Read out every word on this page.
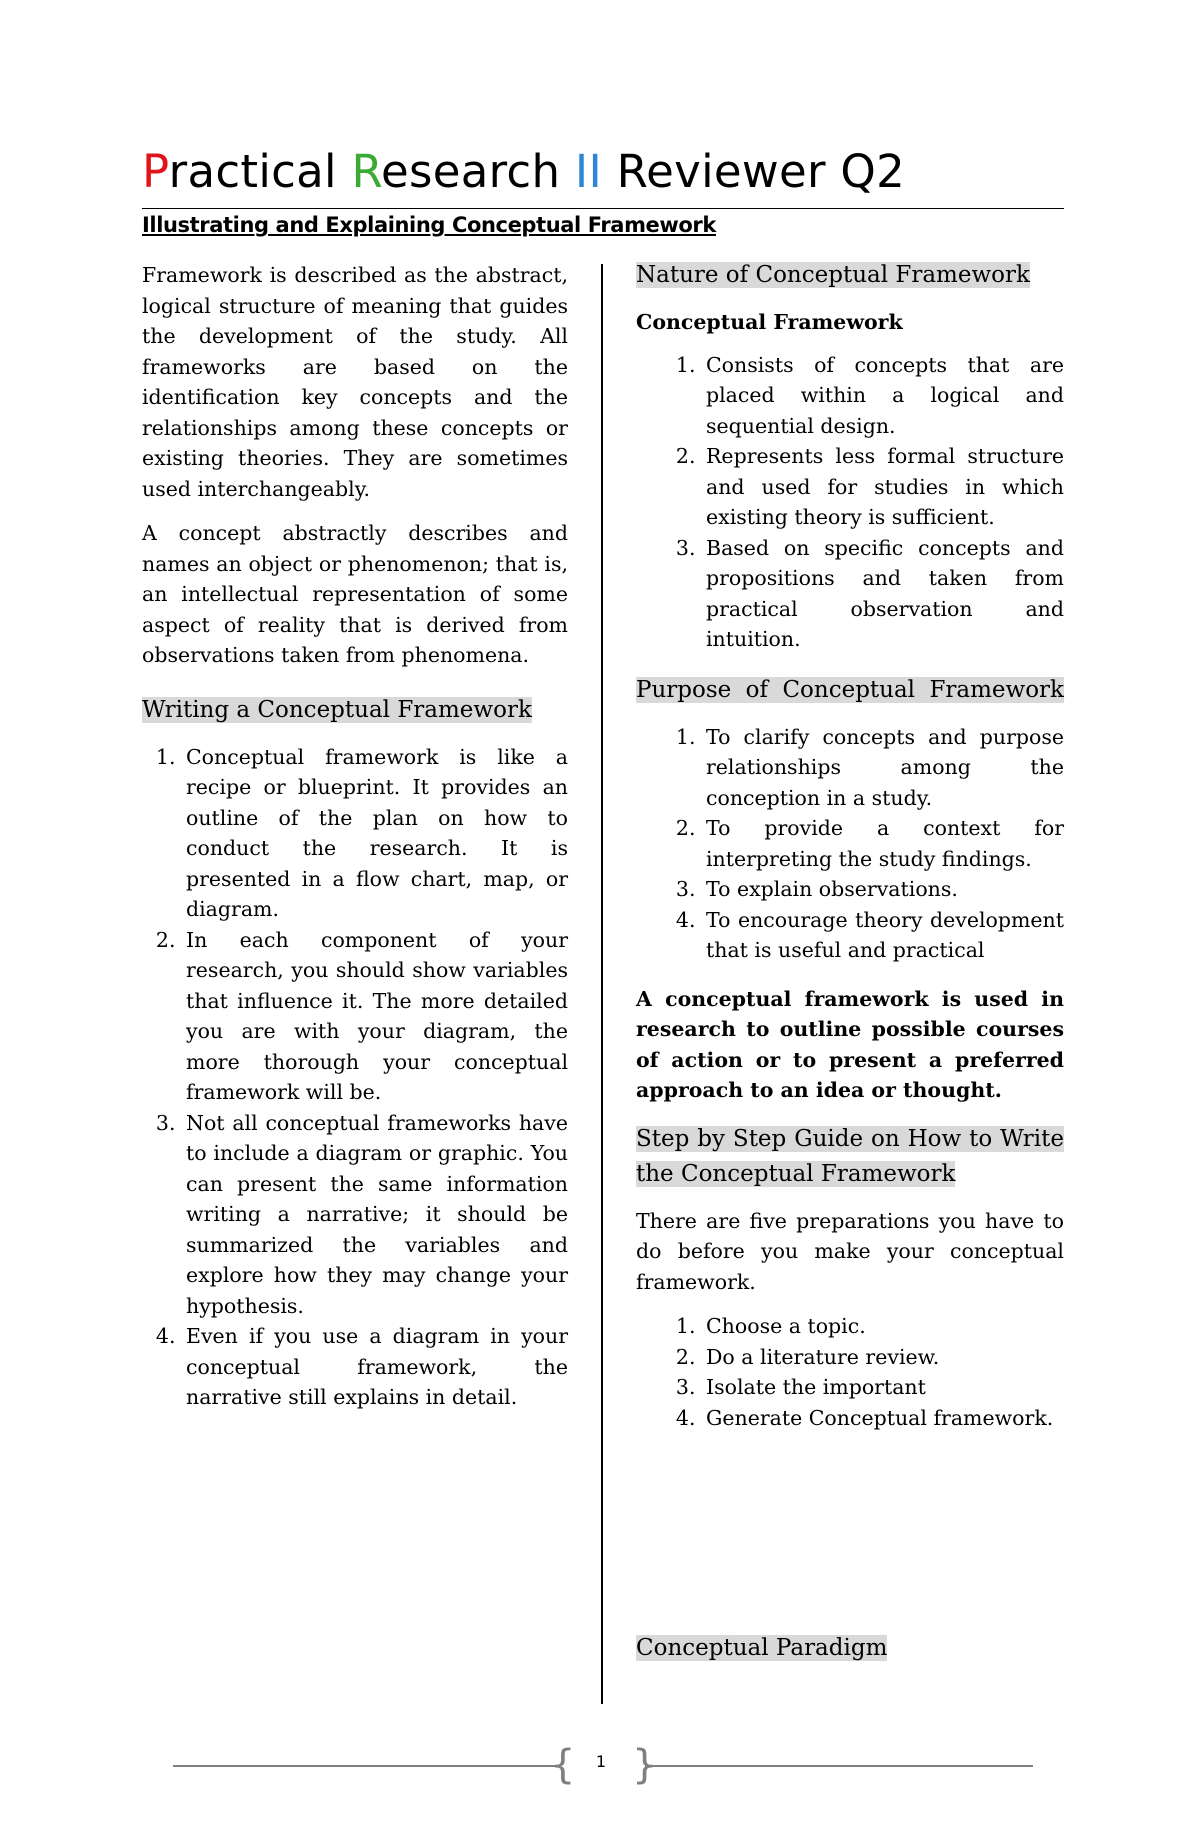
Practical Research II Reviewer Q2
Illustrating and Explaining Conceptual Framework

Framework is described as the abstract, logical structure of meaning that guides the development of the study. All frameworks are based on the identification key concepts and the relationships among these concepts or existing theories. They are sometimes used interchangeably.

A concept abstractly describes and names an object or phenomenon; that is, an intellectual representation of some aspect of reality that is derived from observations taken from phenomena.

Writing a Conceptual Framework
1. Conceptual framework is like a recipe or blueprint. It provides an outline of the plan on how to conduct the research. It is presented in a flow chart, map, or diagram.
2. In each component of your research, you should show variables that influence it. The more detailed you are with your diagram, the more thorough your conceptual framework will be.
3. Not all conceptual frameworks have to include a diagram or graphic. You can present the same information writing a narrative; it should be summarized the variables and explore how they may change your hypothesis.
4. Even if you use a diagram in your conceptual framework, the narrative still explains in detail.
Nature of Conceptual Framework
Conceptual Framework
1. Consists of concepts that are placed within a logical and sequential design.
2. Represents less formal structure and used for studies in which existing theory is sufficient.
3. Based on specific concepts and propositions and taken from practical observation and intuition.
Purpose of Conceptual Framework
1. To clarify concepts and purpose relationships among the conception in a study.
2. To provide a context for interpreting the study findings.
3. To explain observations.
4. To encourage theory development that is useful and practical

A conceptual framework is used in research to outline possible courses of action or to present a preferred approach to an idea or thought.

Step by Step Guide on How to Write the Conceptual Framework

There are five preparations you have to do before you make your conceptual framework.

1. Choose a topic.
2. Do a literature review.
3. Isolate the important
4. Generate Conceptual framework.
Conceptual Paradigm
{ }
1
